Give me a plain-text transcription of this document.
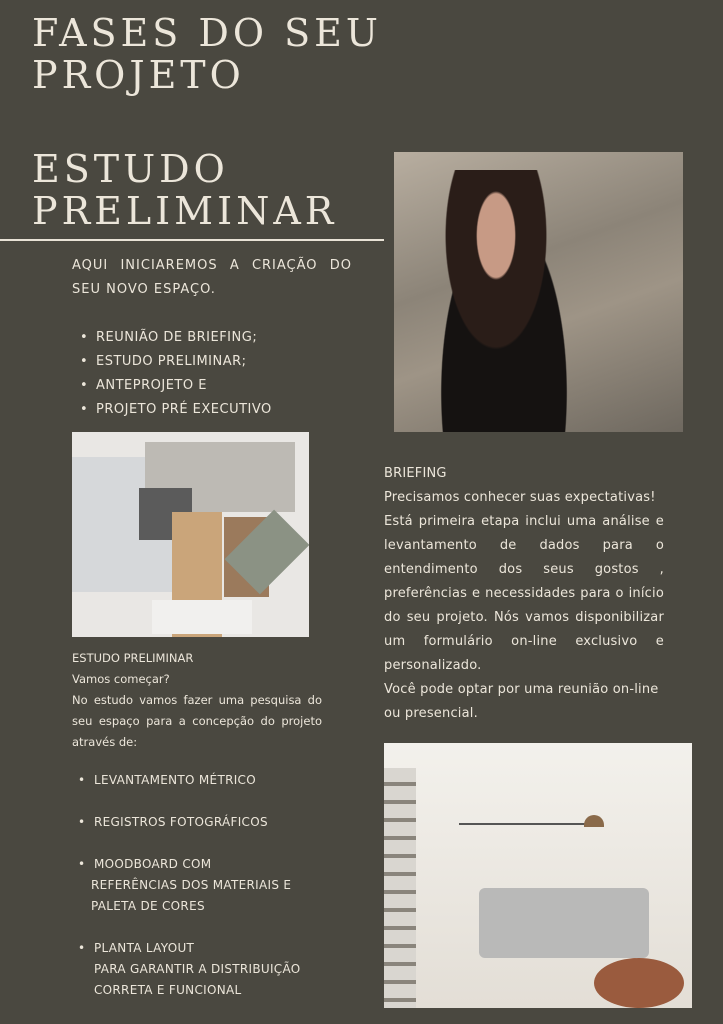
FASES DO SEU
PROJETO
ESTUDO
PRELIMINAR
AQUI INICIAREMOS A CRIAÇÃO DO SEU NOVO ESPAÇO.
• REUNIÃO DE BRIEFING;
• ESTUDO PRELIMINAR;
• ANTEPROJETO E
• PROJETO PRÉ EXECUTIVO
ESTUDO PRELIMINAR
Vamos começar?
No estudo vamos fazer uma pesquisa do
seu espaço para a concepção do projeto
através de:
• LEVANTAMENTO MÉTRICO
• REGISTROS FOTOGRÁFICOS
• MOODBOARD COM
REFERÊNCIAS DOS MATERIAIS E
PALETA DE CORES
• PLANTA LAYOUT
PARA GARANTIR A DISTRIBUIÇÃO
CORRETA E FUNCIONAL
BRIEFING
Precisamos conhecer suas expectativas!
Está primeira etapa inclui uma análise e
levantamento de dados para o
entendimento dos seus gostos ,
preferências e necessidades para o início
do seu projeto. Nós vamos disponibilizar
um formulário on-line exclusivo e
personalizado.
Você pode optar por uma reunião on-line
ou presencial.
